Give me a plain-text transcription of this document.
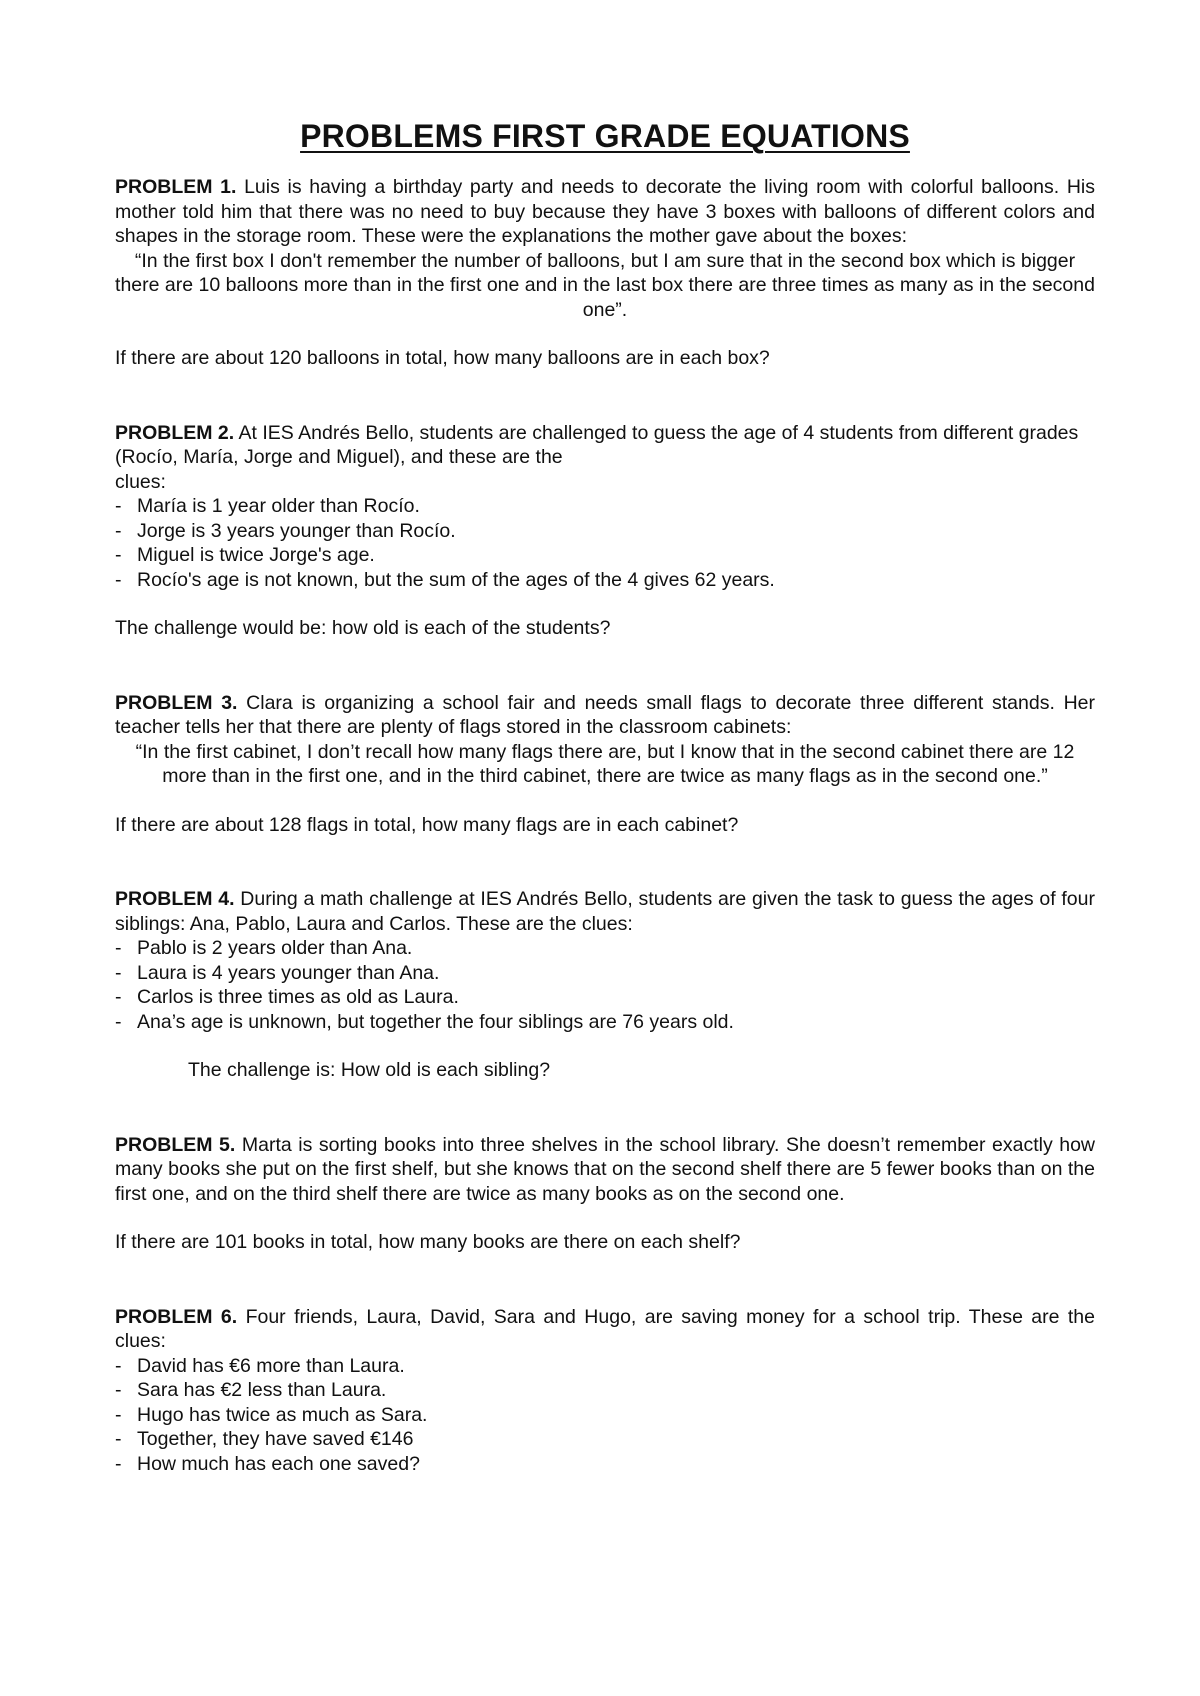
PROBLEMS FIRST GRADE EQUATIONS

PROBLEM 1. Luis is having a birthday party and needs to decorate the living room with colorful balloons. His mother told him that there was no need to buy because they have 3 boxes with balloons of different colors and shapes in the storage room. These were the explanations the mother gave about the boxes:

“In the first box I don't remember the number of balloons, but I am sure that in the second box which is bigger there are 10 balloons more than in the first one and in the last box there are three times as many as in the second one”.

If there are about 120 balloons in total, how many balloons are in each box?

PROBLEM 2. At IES Andrés Bello, students are challenged to guess the age of 4 students from different grades (Rocío, María, Jorge and Miguel), and these are the

clues:

- María is 1 year older than Rocío.
- Jorge is 3 years younger than Rocío.
- Miguel is twice Jorge's age.
- Rocío's age is not known, but the sum of the ages of the 4 gives 62 years.

The challenge would be: how old is each of the students?

PROBLEM 3. Clara is organizing a school fair and needs small flags to decorate three different stands. Her teacher tells her that there are plenty of flags stored in the classroom cabinets:

“In the first cabinet, I don’t recall how many flags there are, but I know that in the second cabinet there are 12 more than in the first one, and in the third cabinet, there are twice as many flags as in the second one.”

If there are about 128 flags in total, how many flags are in each cabinet?

PROBLEM 4. During a math challenge at IES Andrés Bello, students are given the task to guess the ages of four siblings: Ana, Pablo, Laura and Carlos. These are the clues:

- Pablo is 2 years older than Ana.
- Laura is 4 years younger than Ana.
- Carlos is three times as old as Laura.
- Ana’s age is unknown, but together the four siblings are 76 years old.

The challenge is: How old is each sibling?

PROBLEM 5. Marta is sorting books into three shelves in the school library. She doesn’t remember exactly how many books she put on the first shelf, but she knows that on the second shelf there are 5 fewer books than on the first one, and on the third shelf there are twice as many books as on the second one.

If there are 101 books in total, how many books are there on each shelf?

PROBLEM 6. Four friends, Laura, David, Sara and Hugo, are saving money for a school trip. These are the clues:

- David has €6 more than Laura.
- Sara has €2 less than Laura.
- Hugo has twice as much as Sara.
- Together, they have saved €146
- How much has each one saved?
